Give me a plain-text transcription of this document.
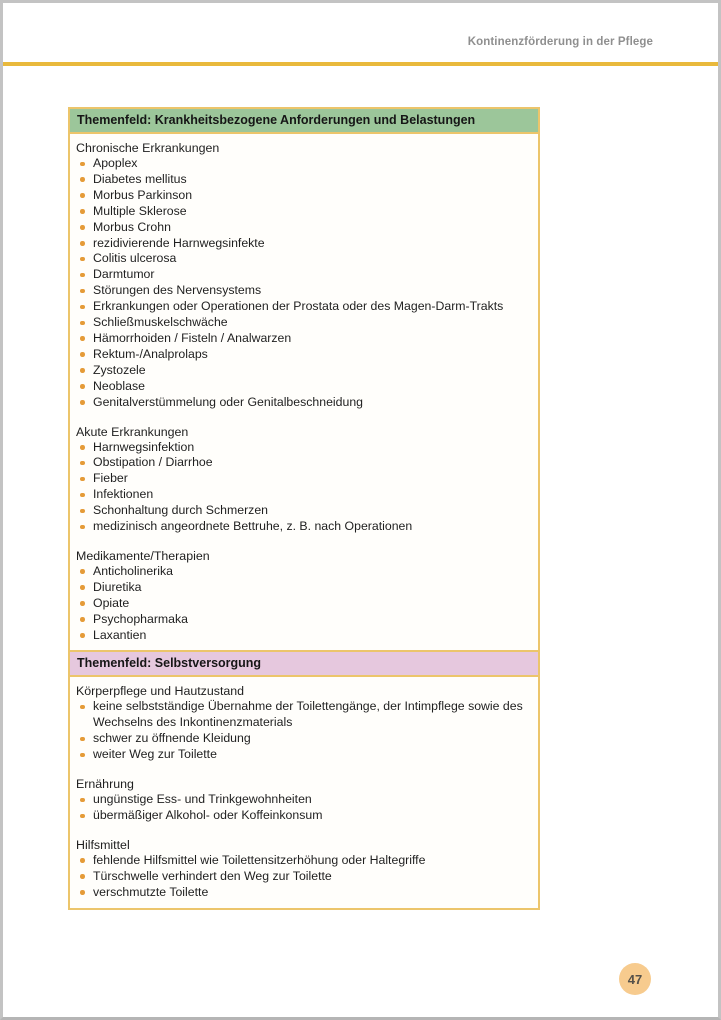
Kontinenzförderung in der Pflege
Themenfeld: Krankheitsbezogene Anforderungen und Belastungen
Chronische Erkrankungen
Apoplex
Diabetes mellitus
Morbus Parkinson
Multiple Sklerose
Morbus Crohn
rezidivierende Harnwegsinfekte
Colitis ulcerosa
Darmtumor
Störungen des Nervensystems
Erkrankungen oder Operationen der Prostata oder des Magen-Darm-Trakts
Schließmuskelschwäche
Hämorrhoiden / Fisteln / Analwarzen
Rektum-/Analprolaps
Zystozele
Neoblase
Genitalverstümmelung oder Genitalbeschneidung
Akute Erkrankungen
Harnwegsinfektion
Obstipation / Diarrhoe
Fieber
Infektionen
Schonhaltung durch Schmerzen
medizinisch angeordnete Bettruhe, z. B. nach Operationen
Medikamente/Therapien
Anticholinerika
Diuretika
Opiate
Psychopharmaka
Laxantien
Themenfeld: Selbstversorgung
Körperpflege und Hautzustand
keine selbstständige Übernahme der Toilettengänge, der Intimpflege sowie des Wechselns des Inkontinenzmaterials
schwer zu öffnende Kleidung
weiter Weg zur Toilette
Ernährung
ungünstige Ess- und Trinkgewohnheiten
übermäßiger Alkohol- oder Koffeinkonsum
Hilfsmittel
fehlende Hilfsmittel wie Toilettensitzerhöhung oder Haltegriffe
Türschwelle verhindert den Weg zur Toilette
verschmutzte Toilette
47
